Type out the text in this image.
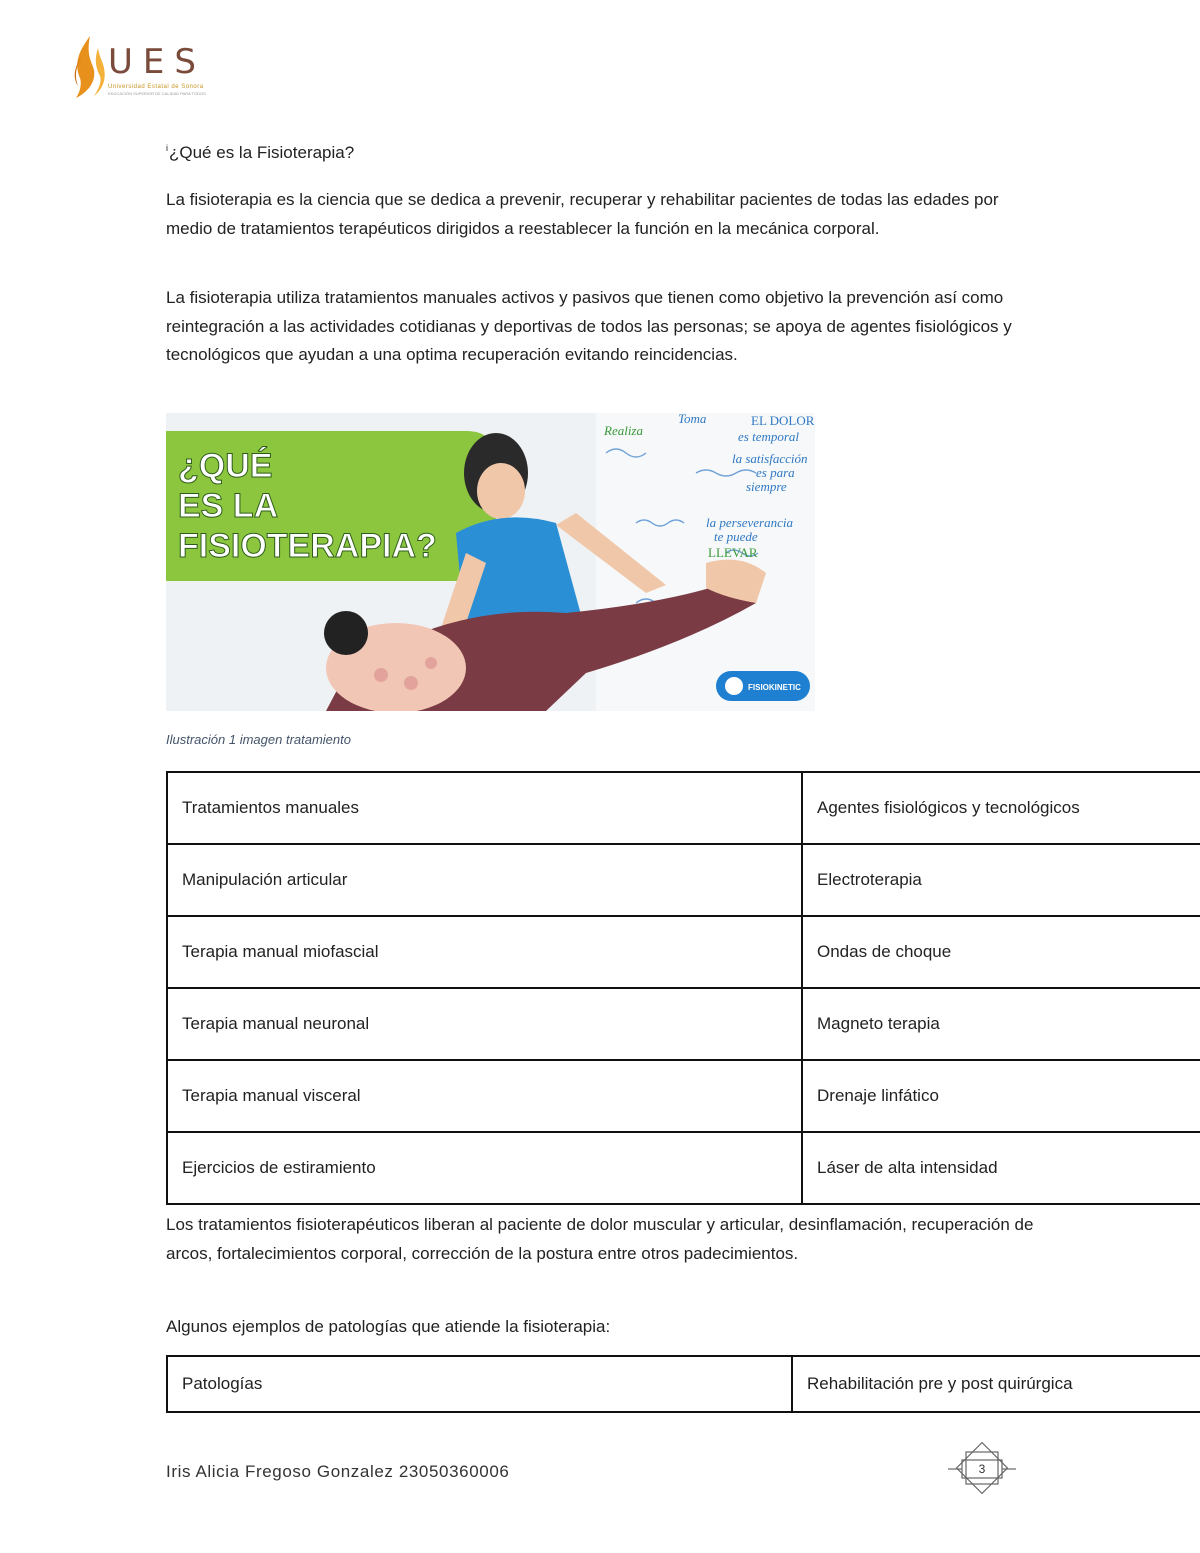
UES
Universidad Estatal de Sonora
EDUCACIÓN SUPERIOR DE CALIDAD PARA TODOS
$^i$¿Qué es la Fisioterapia?

La fisioterapia es la ciencia que se dedica a prevenir, recuperar y rehabilitar pacientes de todas las edades por medio de tratamientos terapéuticos dirigidos a reestablecer la función en la mecánica corporal.

La fisioterapia utiliza tratamientos manuales activos y pasivos que tienen como objetivo la prevención así como reintegración a las actividades cotidianas y deportivas de todos las personas; se apoya de agentes fisiológicos y tecnológicos que ayudan a una optima recuperación evitando reincidencias.

Realiza
Toma	EL DOLOR
es temporal
la satisfacción
es para
siempre
la perseverancia
te puede
LLEVAR
¿QUÉ
ES LA
FISIOTERAPIA?
FISIOKINETIC
Ilustración 1 imagen tratamiento
Tratamientos manuales	Agentes fisiológicos y tecnológicos
Manipulación articular	Electroterapia
Terapia manual miofascial	Ondas de choque
Terapia manual neuronal	Magneto terapia
Terapia manual visceral	Drenaje linfático
Ejercicios de estiramiento	Láser de alta intensidad

Los tratamientos fisioterapéuticos liberan al paciente de dolor muscular y articular, desinflamación, recuperación de arcos, fortalecimientos corporal, corrección de la postura entre otros padecimientos.

Algunos ejemplos de patologías que atiende la fisioterapia:

Patologías	Rehabilitación pre y post quirúrgica
Iris Alicia Fregoso Gonzalez 23050360006	3
